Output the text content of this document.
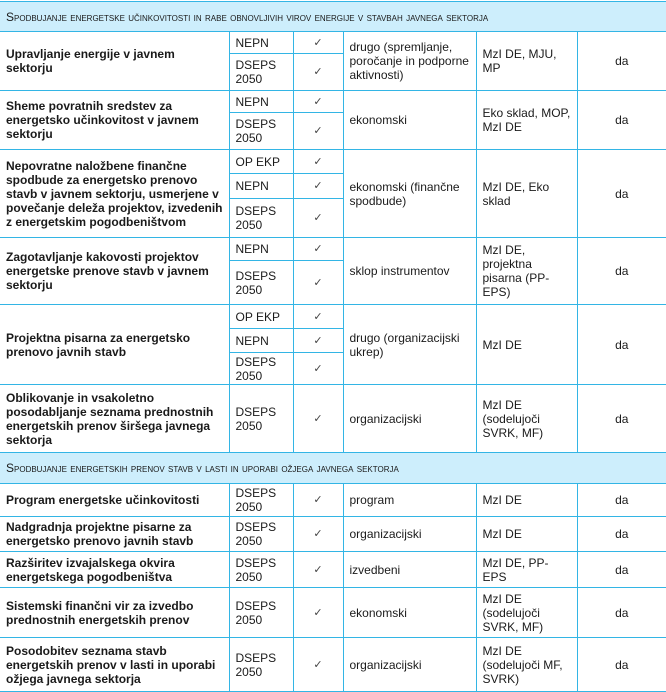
Spodbujanje energetske učinkovitosti in rabe obnovljivih virov energije v stavbah javnega sektorja					
Upravljanje energije v javnem sektorju	NEPN	✓	drugo (spremljanje, poročanje in podporne aktivnosti)	MzI DE, MJU, MP	da
	DSEPS 2050	✓			
Sheme povratnih sredstev za energetsko učinkovitost v javnem sektorju	NEPN	✓	ekonomski	Eko sklad, MOP, MzI DE	da
	DSEPS 2050	✓			
Nepovratne naložbene finančne spodbude za energetsko prenovo stavb v javnem sektorju, usmerjene v povečanje deleža projektov, izvedenih z energetskim pogodbeništvom	OP EKP	✓	ekonomski (finančne spodbude)	MzI DE, Eko sklad	da
	NEPN	✓			
	DSEPS 2050	✓			
Zagotavljanje kakovosti projektov energetske prenove stavb v javnem sektorju	NEPN	✓	sklop instrumentov	MzI DE, projektna pisarna (PP-EPS)	da
	DSEPS 2050	✓			
Projektna pisarna za energetsko prenovo javnih stavb	OP EKP	✓	drugo (organizacijski ukrep)	MzI DE	da
	NEPN	✓			
	DSEPS 2050	✓			
Oblikovanje in vsakoletno posodabljanje seznama prednostnih energetskih prenov širšega javnega sektorja	DSEPS 2050	✓	organizacijski	MzI DE (sodelujoči SVRK, MF)	da
Spodbujanje energetskih prenov stavb v lasti in uporabi ožjega javnega sektorja					
Program energetske učinkovitosti	DSEPS 2050	✓	program	MzI DE	da
Nadgradnja projektne pisarne za energetsko prenovo javnih stavb	DSEPS 2050	✓	organizacijski	MzI DE	da
Razširitev izvajalskega okvira energetskega pogodbeništva	DSEPS 2050	✓	izvedbeni	MzI DE, PP-EPS	da
Sistemski finančni vir za izvedbo prednostnih energetskih prenov	DSEPS 2050	✓	ekonomski	MzI DE (sodelujoči SVRK, MF)	da
Posodobitev seznama stavb energetskih prenov v lasti in uporabi ožjega javnega sektorja	DSEPS 2050	✓	organizacijski	MzI DE (sodelujoči MF, SVRK)	da
